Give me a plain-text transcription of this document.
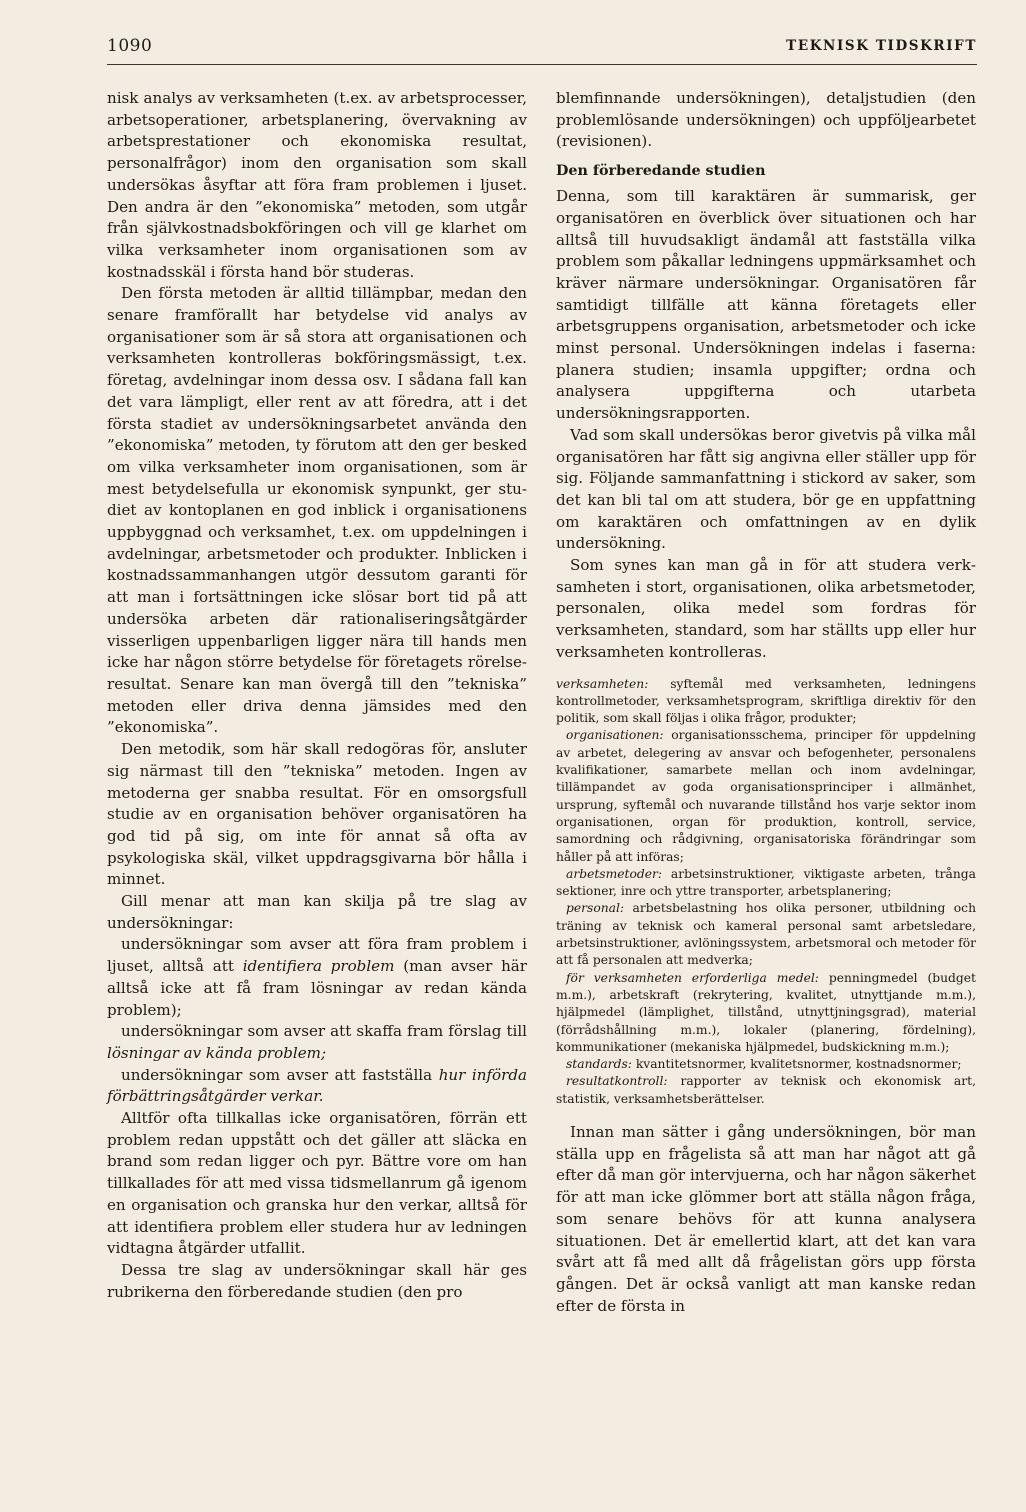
1090	TEKNISK TIDSKRIFT

nisk analys av verksamheten (t.ex. av arbetsprocesser, arbetsoperationer, arbetsplanering, övervakning av arbetsprestationer och ekonomiska resultat, personalfrågor) inom den organisation som skall undersökas åsyftar att föra fram problemen i ljuset. Den andra är den ”ekonomiska” metoden, som utgår från självkostnadsbokföringen och vill ge klarhet om vilka verksamheter inom organisationen som av kostnadsskäl i första hand bör studeras.

Den första metoden är alltid tillämpbar, medan den senare framförallt har betydelse vid analys av organisationer som är så stora att organisationen och verksamheten kontrolleras bokföringsmässigt, t.ex. företag, avdelningar inom dessa osv. I sådana fall kan det vara lämpligt, eller rent av att föredra, att i det första stadiet av undersökningsarbetet använda den ”ekonomiska” metoden, ty förutom att den ger besked om vilka verksamheter inom organisationen, som är mest betydelsefulla ur ekonomisk synpunkt, ger studiet av kontoplanen en god inblick i organisationens uppbyggnad och verksamhet, t.ex. om uppdelningen i avdelningar, arbetsmetoder och produkter. Inblicken i kostnadssammanhangen utgör dessutom garanti för att man i fortsättningen icke slösar bort tid på att undersöka arbeten där rationaliseringsåtgärder visserligen uppenbarligen ligger nära till hands men icke har någon större betydelse för företagets rörelseresultat. Senare kan man övergå till den ”tekniska” metoden eller driva denna jämsides med den ”ekonomiska”.

Den metodik, som här skall redogöras för, ansluter sig närmast till den ”tekniska” metoden. Ingen av metoderna ger snabba resultat. För en omsorgsfull studie av en organisation behöver organisatören ha god tid på sig, om inte för annat så ofta av psykologiska skäl, vilket uppdragsgivarna bör hålla i minnet.

Gill menar att man kan skilja på tre slag av undersökningar:

undersökningar som avser att föra fram problem i ljuset, alltså att identifiera problem (man avser här alltså icke att få fram lösningar av redan kända problem);

undersökningar som avser att skaffa fram förslag till lösningar av kända problem;

undersökningar som avser att fastställa hur införda förbättringsåtgärder verkar.

Alltför ofta tillkallas icke organisatören, förrän ett problem redan uppstått och det gäller att släcka en brand som redan ligger och pyr. Bättre vore om han tillkallades för att med vissa tidsmellanrum gå igenom en organisation och granska hur den verkar, alltså för att identifiera problem eller studera hur av ledningen vidtagna åtgärder utfallit.

Dessa tre slag av undersökningar skall här ges rubrikerna den förberedande studien (den pro

blemfinnande undersökningen), detaljstudien (den problemlösande undersökningen) och uppföljearbetet (revisionen).

Den förberedande studien

Denna, som till karaktären är summarisk, ger organisatören en överblick över situationen och har alltså till huvudsakligt ändamål att fastställa vilka problem som påkallar ledningens uppmärksamhet och kräver närmare undersökningar. Organisatören får samtidigt tillfälle att känna företagets eller arbetsgruppens organisation, arbetsmetoder och icke minst personal. Undersökningen indelas i faserna: planera studien; insamla uppgifter; ordna och analysera uppgifterna och utarbeta undersökningsrapporten.

Vad som skall undersökas beror givetvis på vilka mål organisatören har fått sig angivna eller ställer upp för sig. Följande sammanfattning i stickord av saker, som det kan bli tal om att studera, bör ge en uppfattning om karaktären och omfattningen av en dylik undersökning.

Som synes kan man gå in för att studera verksamheten i stort, organisationen, olika arbetsmetoder, personalen, olika medel som fordras för verksamheten, standard, som har ställts upp eller hur verksamheten kontrolleras.

verksamheten: syftemål med verksamheten, ledningens kontrollmetoder, verksamhetsprogram, skriftliga direktiv för den politik, som skall följas i olika frågor, produkter;

organisationen: organisationsschema, principer för uppdelning av arbetet, delegering av ansvar och befogenheter, personalens kvalifikationer, samarbete mellan och inom avdelningar, tillämpandet av goda organisationsprinciper i allmänhet, ursprung, syftemål och nuvarande tillstånd hos varje sektor inom organisationen, organ för produktion, kontroll, service, samordning och rådgivning, organisatoriska förändringar som håller på att införas;

arbetsmetoder: arbetsinstruktioner, viktigaste arbeten, trånga sektioner, inre och yttre transporter, arbetsplanering;

personal: arbetsbelastning hos olika personer, utbildning och träning av teknisk och kameral personal samt arbetsledare, arbetsinstruktioner, avlöningssystem, arbetsmoral och metoder för att få personalen att medverka;

för verksamheten erforderliga medel: penningmedel (budget m.m.), arbetskraft (rekrytering, kvalitet, utnyttjande m.m.), hjälpmedel (lämplighet, tillstånd, utnyttjningsgrad), material (förrådshållning m.m.), lokaler (planering, fördelning), kommunikationer (mekaniska hjälpmedel, budskickning m.m.);

standards: kvantitetsnormer, kvalitetsnormer, kostnadsnormer;

resultatkontroll: rapporter av teknisk och ekonomisk art, statistik, verksamhetsberättelser.

Innan man sätter i gång undersökningen, bör man ställa upp en frågelista så att man har något att gå efter då man gör intervjuerna, och har någon säkerhet för att man icke glömmer bort att ställa någon fråga, som senare behövs för att kunna analysera situationen. Det är emellertid klart, att det kan vara svårt att få med allt då frågelistan görs upp första gången. Det är också vanligt att man kanske redan efter de första in
